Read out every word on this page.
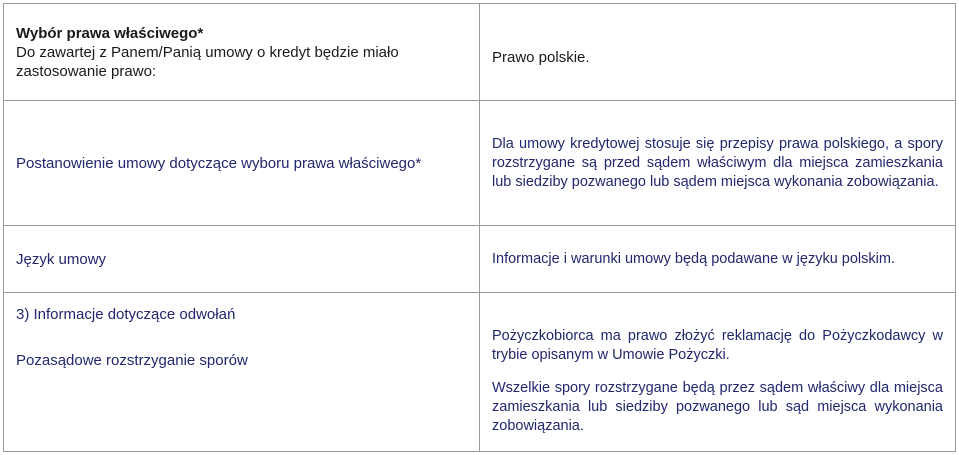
Wybór prawa właściwego*
Do zawartej z Panem/Panią umowy o kredyt będzie miało zastosowanie prawo:	Prawo polskie.
Postanowienie umowy dotyczące wyboru prawa właściwego*	Dla umowy kredytowej stosuje się przepisy prawa polskiego, a spory rozstrzygane są przed sądem właściwym dla miejsca zamieszkania lub siedziby pozwanego lub sądem miejsca wykonania zobowiązania.
Język umowy	Informacje i warunki umowy będą podawane w języku polskim.

3) Informacje dotyczące odwołań
Pozasądowe rozstrzyganie sporów	Pożyczkobiorca ma prawo złożyć reklamację do Pożyczkodawcy w trybie opisanym w Umowie Pożyczki.
Wszelkie spory rozstrzygane będą przez sądem właściwy dla miejsca zamieszkania lub siedziby pozwanego lub sąd miejsca wykonania zobowiązania.
